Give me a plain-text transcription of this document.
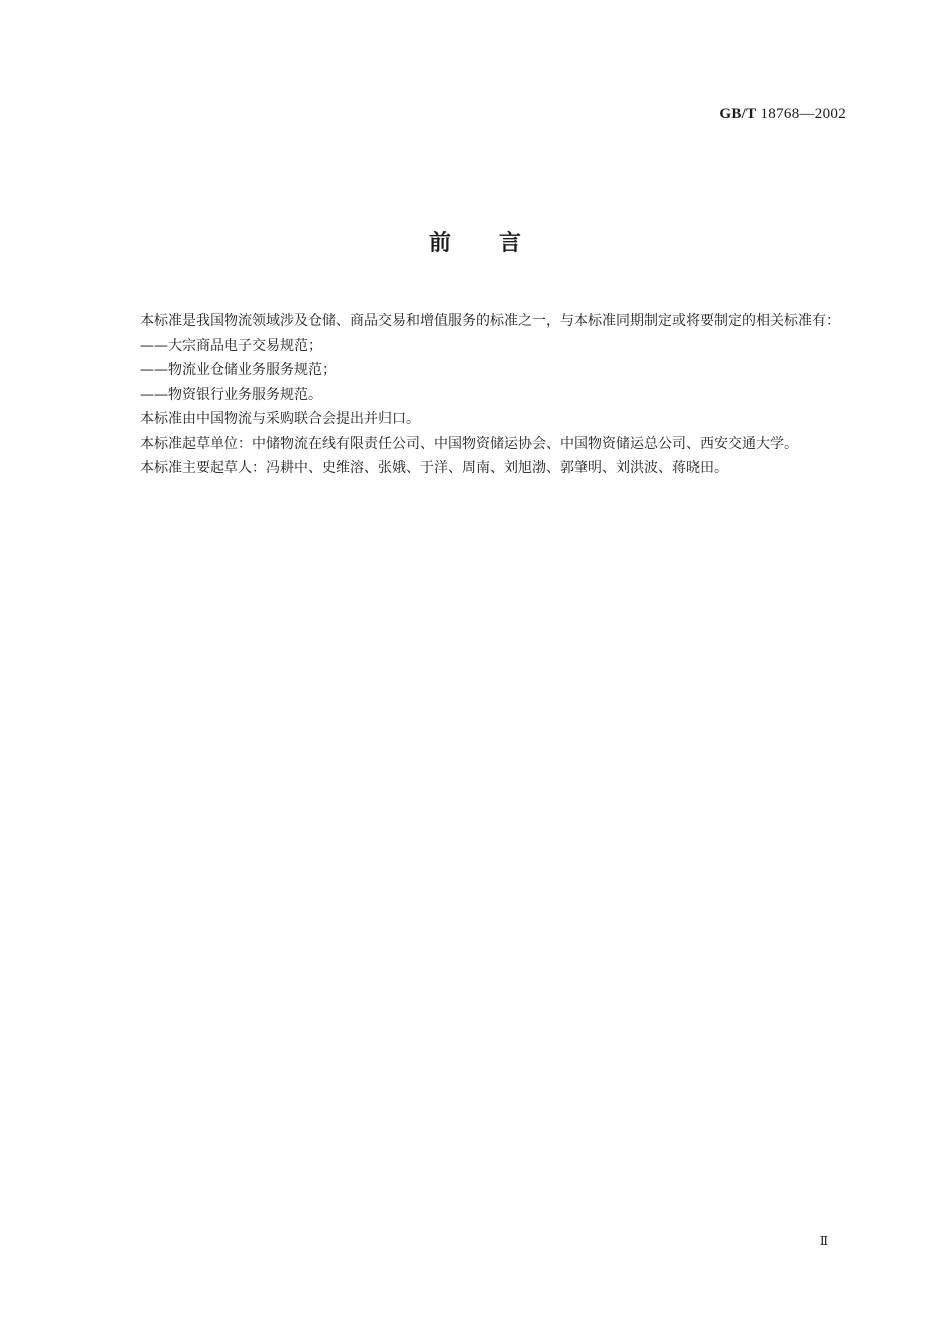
GB/T 18768—2002
前言

本标准是我国物流领域涉及仓储、商品交易和增值服务的标准之一，与本标准同期制定或将要制定的相关标准有：

——大宗商品电子交易规范；

——物流业仓储业务服务规范；

——物资银行业务服务规范。

本标准由中国物流与采购联合会提出并归口。

本标准起草单位：中储物流在线有限责任公司、中国物资储运协会、中国物资储运总公司、西安交通大学。

本标准主要起草人：冯耕中、史维溶、张娥、于洋、周南、刘旭渤、郭肇明、刘洪波、蒋晓田。

Ⅱ
